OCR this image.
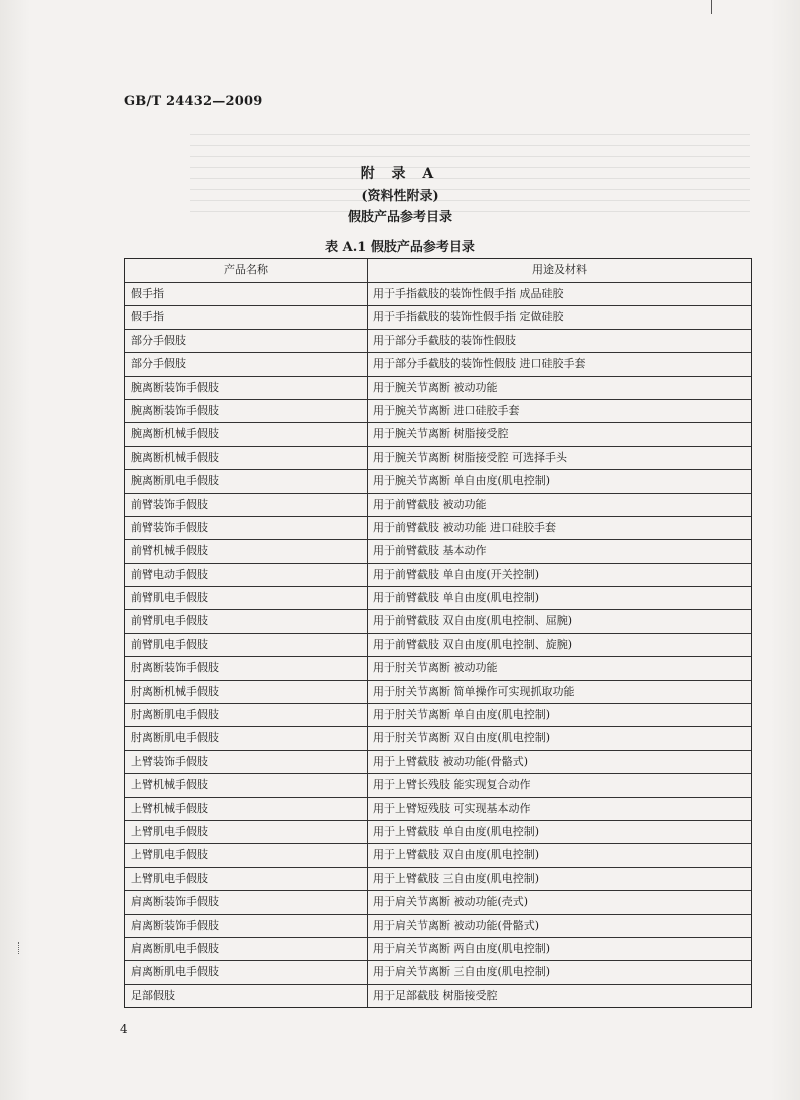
GB/T 24432—2009
附 录 A
(资料性附录)
假肢产品参考目录
表 A.1 假肢产品参考目录
产品名称	用途及材料
假手指	用于手指截肢的装饰性假手指 成品硅胶
假手指	用于手指截肢的装饰性假手指 定做硅胶
部分手假肢	用于部分手截肢的装饰性假肢
部分手假肢	用于部分手截肢的装饰性假肢 进口硅胶手套
腕离断装饰手假肢	用于腕关节离断 被动功能
腕离断装饰手假肢	用于腕关节离断 进口硅胶手套
腕离断机械手假肢	用于腕关节离断 树脂接受腔
腕离断机械手假肢	用于腕关节离断 树脂接受腔 可选择手头
腕离断肌电手假肢	用于腕关节离断 单自由度(肌电控制)
前臂装饰手假肢	用于前臂截肢 被动功能
前臂装饰手假肢	用于前臂截肢 被动功能 进口硅胶手套
前臂机械手假肢	用于前臂截肢 基本动作
前臂电动手假肢	用于前臂截肢 单自由度(开关控制)
前臂肌电手假肢	用于前臂截肢 单自由度(肌电控制)
前臂肌电手假肢	用于前臂截肢 双自由度(肌电控制、屈腕)
前臂肌电手假肢	用于前臂截肢 双自由度(肌电控制、旋腕)
肘离断装饰手假肢	用于肘关节离断 被动功能
肘离断机械手假肢	用于肘关节离断 简单操作可实现抓取功能
肘离断肌电手假肢	用于肘关节离断 单自由度(肌电控制)
肘离断肌电手假肢	用于肘关节离断 双自由度(肌电控制)
上臂装饰手假肢	用于上臂截肢 被动功能(骨骼式)
上臂机械手假肢	用于上臂长残肢 能实现复合动作
上臂机械手假肢	用于上臂短残肢 可实现基本动作
上臂肌电手假肢	用于上臂截肢 单自由度(肌电控制)
上臂肌电手假肢	用于上臂截肢 双自由度(肌电控制)
上臂肌电手假肢	用于上臂截肢 三自由度(肌电控制)
肩离断装饰手假肢	用于肩关节离断 被动功能(壳式)
肩离断装饰手假肢	用于肩关节离断 被动功能(骨骼式)
肩离断肌电手假肢	用于肩关节离断 两自由度(肌电控制)
肩离断肌电手假肢	用于肩关节离断 三自由度(肌电控制)
足部假肢	用于足部截肢 树脂接受腔
4
